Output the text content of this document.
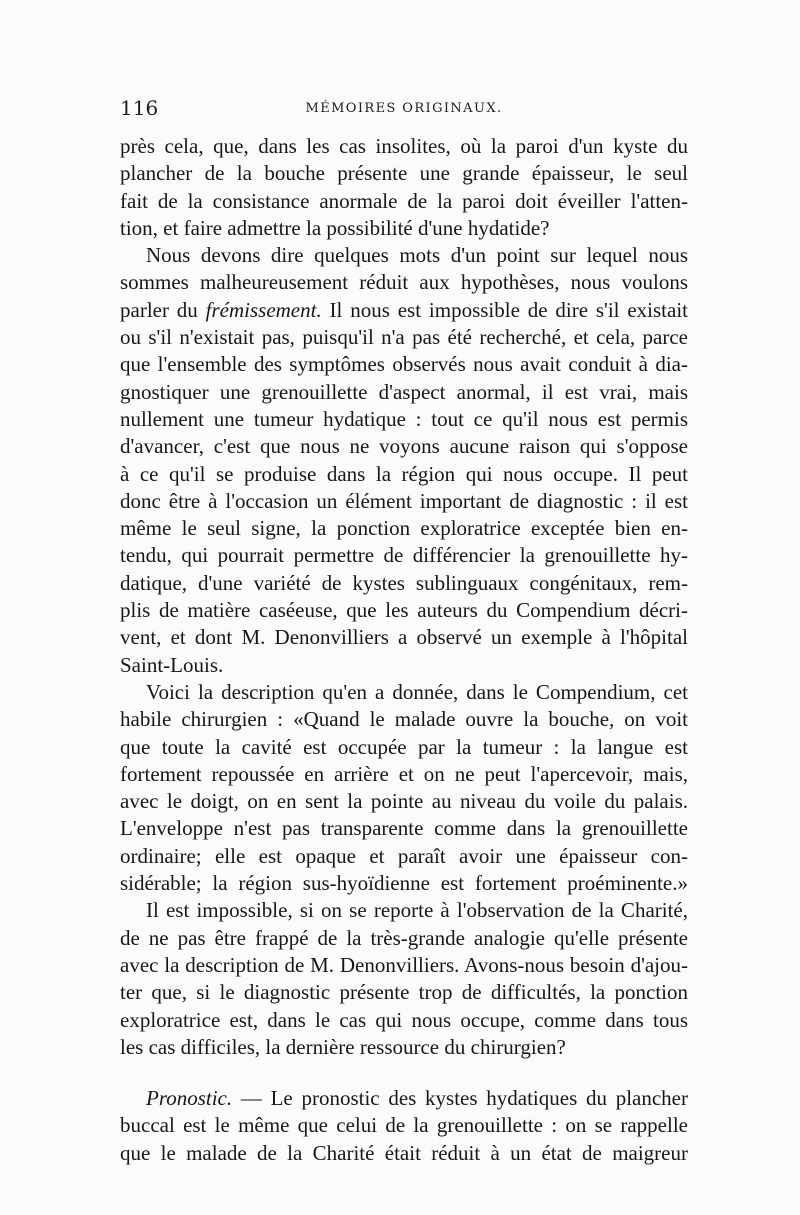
116	MÉMOIRES ORIGINAUX.
près cela, que, dans les cas insolites, où la paroi d'un kyste du
plancher de la bouche présente une grande épaisseur, le seul
fait de la consistance anormale de la paroi doit éveiller l'atten-
tion, et faire admettre la possibilité d'une hydatide?
Nous devons dire quelques mots d'un point sur lequel nous
sommes malheureusement réduit aux hypothèses, nous voulons
parler du frémissement. Il nous est impossible de dire s'il existait
ou s'il n'existait pas, puisqu'il n'a pas été recherché, et cela, parce
que l'ensemble des symptômes observés nous avait conduit à dia-
gnostiquer une grenouillette d'aspect anormal, il est vrai, mais
nullement une tumeur hydatique : tout ce qu'il nous est permis
d'avancer, c'est que nous ne voyons aucune raison qui s'oppose
à ce qu'il se produise dans la région qui nous occupe. Il peut
donc être à l'occasion un élément important de diagnostic : il est
même le seul signe, la ponction exploratrice exceptée bien en-
tendu, qui pourrait permettre de différencier la grenouillette hy-
datique, d'une variété de kystes sublinguaux congénitaux, rem-
plis de matière caséeuse, que les auteurs du Compendium décri-
vent, et dont M. Denonvilliers a observé un exemple à l'hôpital
Saint-Louis.
Voici la description qu'en a donnée, dans le Compendium, cet
habile chirurgien : «Quand le malade ouvre la bouche, on voit
que toute la cavité est occupée par la tumeur : la langue est
fortement repoussée en arrière et on ne peut l'apercevoir, mais,
avec le doigt, on en sent la pointe au niveau du voile du palais.
L'enveloppe n'est pas transparente comme dans la grenouillette
ordinaire; elle est opaque et paraît avoir une épaisseur con-
sidérable; la région sus-hyoïdienne est fortement proéminente.»
Il est impossible, si on se reporte à l'observation de la Charité,
de ne pas être frappé de la très-grande analogie qu'elle présente
avec la description de M. Denonvilliers. Avons-nous besoin d'ajou-
ter que, si le diagnostic présente trop de difficultés, la ponction
exploratrice est, dans le cas qui nous occupe, comme dans tous
les cas difficiles, la dernière ressource du chirurgien?
Pronostic. — Le pronostic des kystes hydatiques du plancher
buccal est le même que celui de la grenouillette : on se rappelle
que le malade de la Charité était réduit à un état de maigreur
